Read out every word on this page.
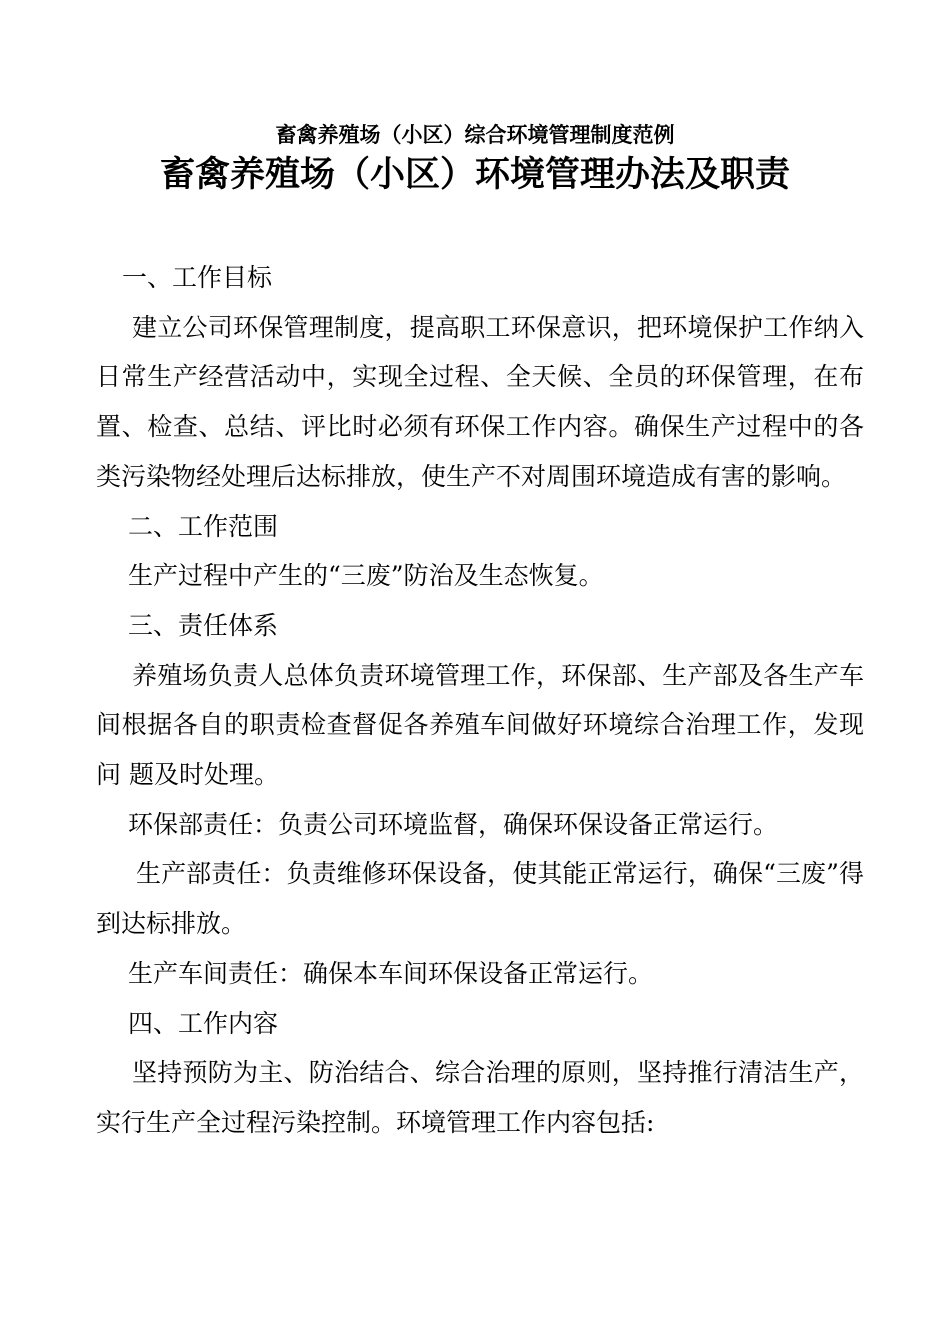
畜禽养殖场（小区）综合环境管理制度范例
畜禽养殖场（小区）环境管理办法及职责

一、工作目标

建立公司环保管理制度，提高职工环保意识，把环境保护工作纳入 日常生产经营活动中，实现全过程、全天候、全员的环保管理，在布置、检查、总结、评比时必须有环保工作内容。确保生产过程中的各类污染物经处理后达标排放，使生产不对周围环境造成有害的影响。

二、工作范围

生产过程中产生的“三废”防治及生态恢复。

三、责任体系

养殖场负责人总体负责环境管理工作，环保部、生产部及各生产车 间根据各自的职责检查督促各养殖车间做好环境综合治理工作，发现问 题及时处理。

环保部责任：负责公司环境监督，确保环保设备正常运行。

生产部责任：负责维修环保设备，使其能正常运行，确保“三废”得到达标排放。

生产车间责任：确保本车间环保设备正常运行。

四、工作内容

坚持预防为主、防治结合、综合治理的原则，坚持推行清洁生产，实行生产全过程污染控制。环境管理工作内容包括:
